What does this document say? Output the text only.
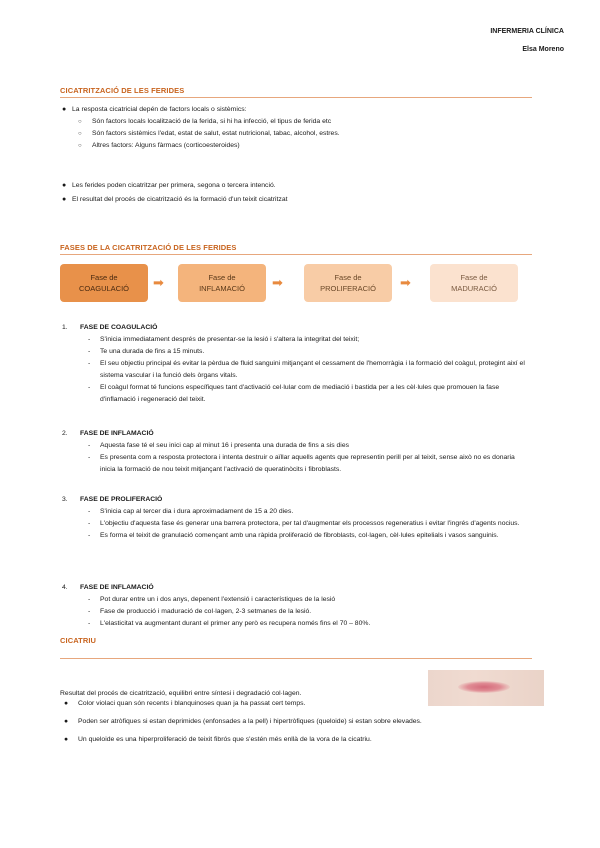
INFERMERIA CLÍNICA
Elsa Moreno
CICATRITZACIÓ DE LES FERIDES
● La resposta cicatricial depén de factors locals o sistèmics:
○ Són factors locals localització de la ferida, si hi ha infecció, el tipus de ferida etc
○ Són factors sistèmics l'edat, estat de salut, estat nutricional, tabac, alcohol, estres.
○ Altres factors: Alguns fàrmacs (corticoesteroides)
● Les ferides poden cicatritzar per primera, segona o tercera intenció.
● El resultat del procés de cicatrització és la formació d'un teixit cicatritzat
FASES DE LA CICATRITZACIÓ DE LES FERIDES
Fase de
COAGULACIÓ	➡	Fase de
INFLAMACIÓ	➡	Fase de
PROLIFERACIÓ	➡	Fase de
MADURACIÓ
1. FASE DE COAGULACIÓ
- S'inicia immediatament després de presentar-se la lesió i s'altera la integritat del teixit;
- Te una durada de fins a 15 minuts.
- El seu objectiu principal és evitar la pèrdua de fluid sanguini mitjançant el cessament de l'hemorràgia i la formació del coàgul, protegint així el sistema vascular i la funció dels òrgans vitals.
- El coàgul format té funcions específiques tant d'activació cel·lular com de mediació i bastida per a les cèl·lules que promouen la fase d'inflamació i regeneració del teixit.
2. FASE DE INFLAMACIÓ
- Aquesta fase té el seu inici cap al minut 16 i presenta una durada de fins a sis dies
- Es presenta com a resposta protectora i intenta destruir o aïllar aquells agents que representin perill per al teixit, sense això no es donaria inicia la formació de nou teixit mitjançant l'activació de queratinòcits i fibroblasts.
3. FASE DE PROLIFERACIÓ
- S'inicia cap al tercer dia i dura aproximadament de 15 a 20 dies.
- L'objectiu d'aquesta fase és generar una barrera protectora, per tal d'augmentar els processos regeneratius i evitar l'ingrés d'agents nocius.
- Es forma el teixit de granulació començant amb una ràpida proliferació de fibroblasts, col·lagen, cèl·lules epitelials i vasos sanguinis.
4. FASE DE INFLAMACIÓ
- Pot durar entre un i dos anys, depenent l'extensió i característiques de la lesió
- Fase de producció i maduració de col·lagen, 2-3 setmanes de la lesió.
- L'elasticitat va augmentant durant el primer any però es recupera només fins el 70 – 80%.
CICATRIU
Resultat del procés de cicatrització, equilibri entre síntesi i degradació col·lagen.
● Color violaci quan són recents i blanquinoses quan ja ha passat cert temps.
● Poden ser atròfiques si estan deprimides (enfonsades a la pell) i hipertròfiques (queloide) si estan sobre elevades.
● Un queloide es una hiperproliferació de teixit fibrós que s'estén més enllà de la vora de la cicatriu.
